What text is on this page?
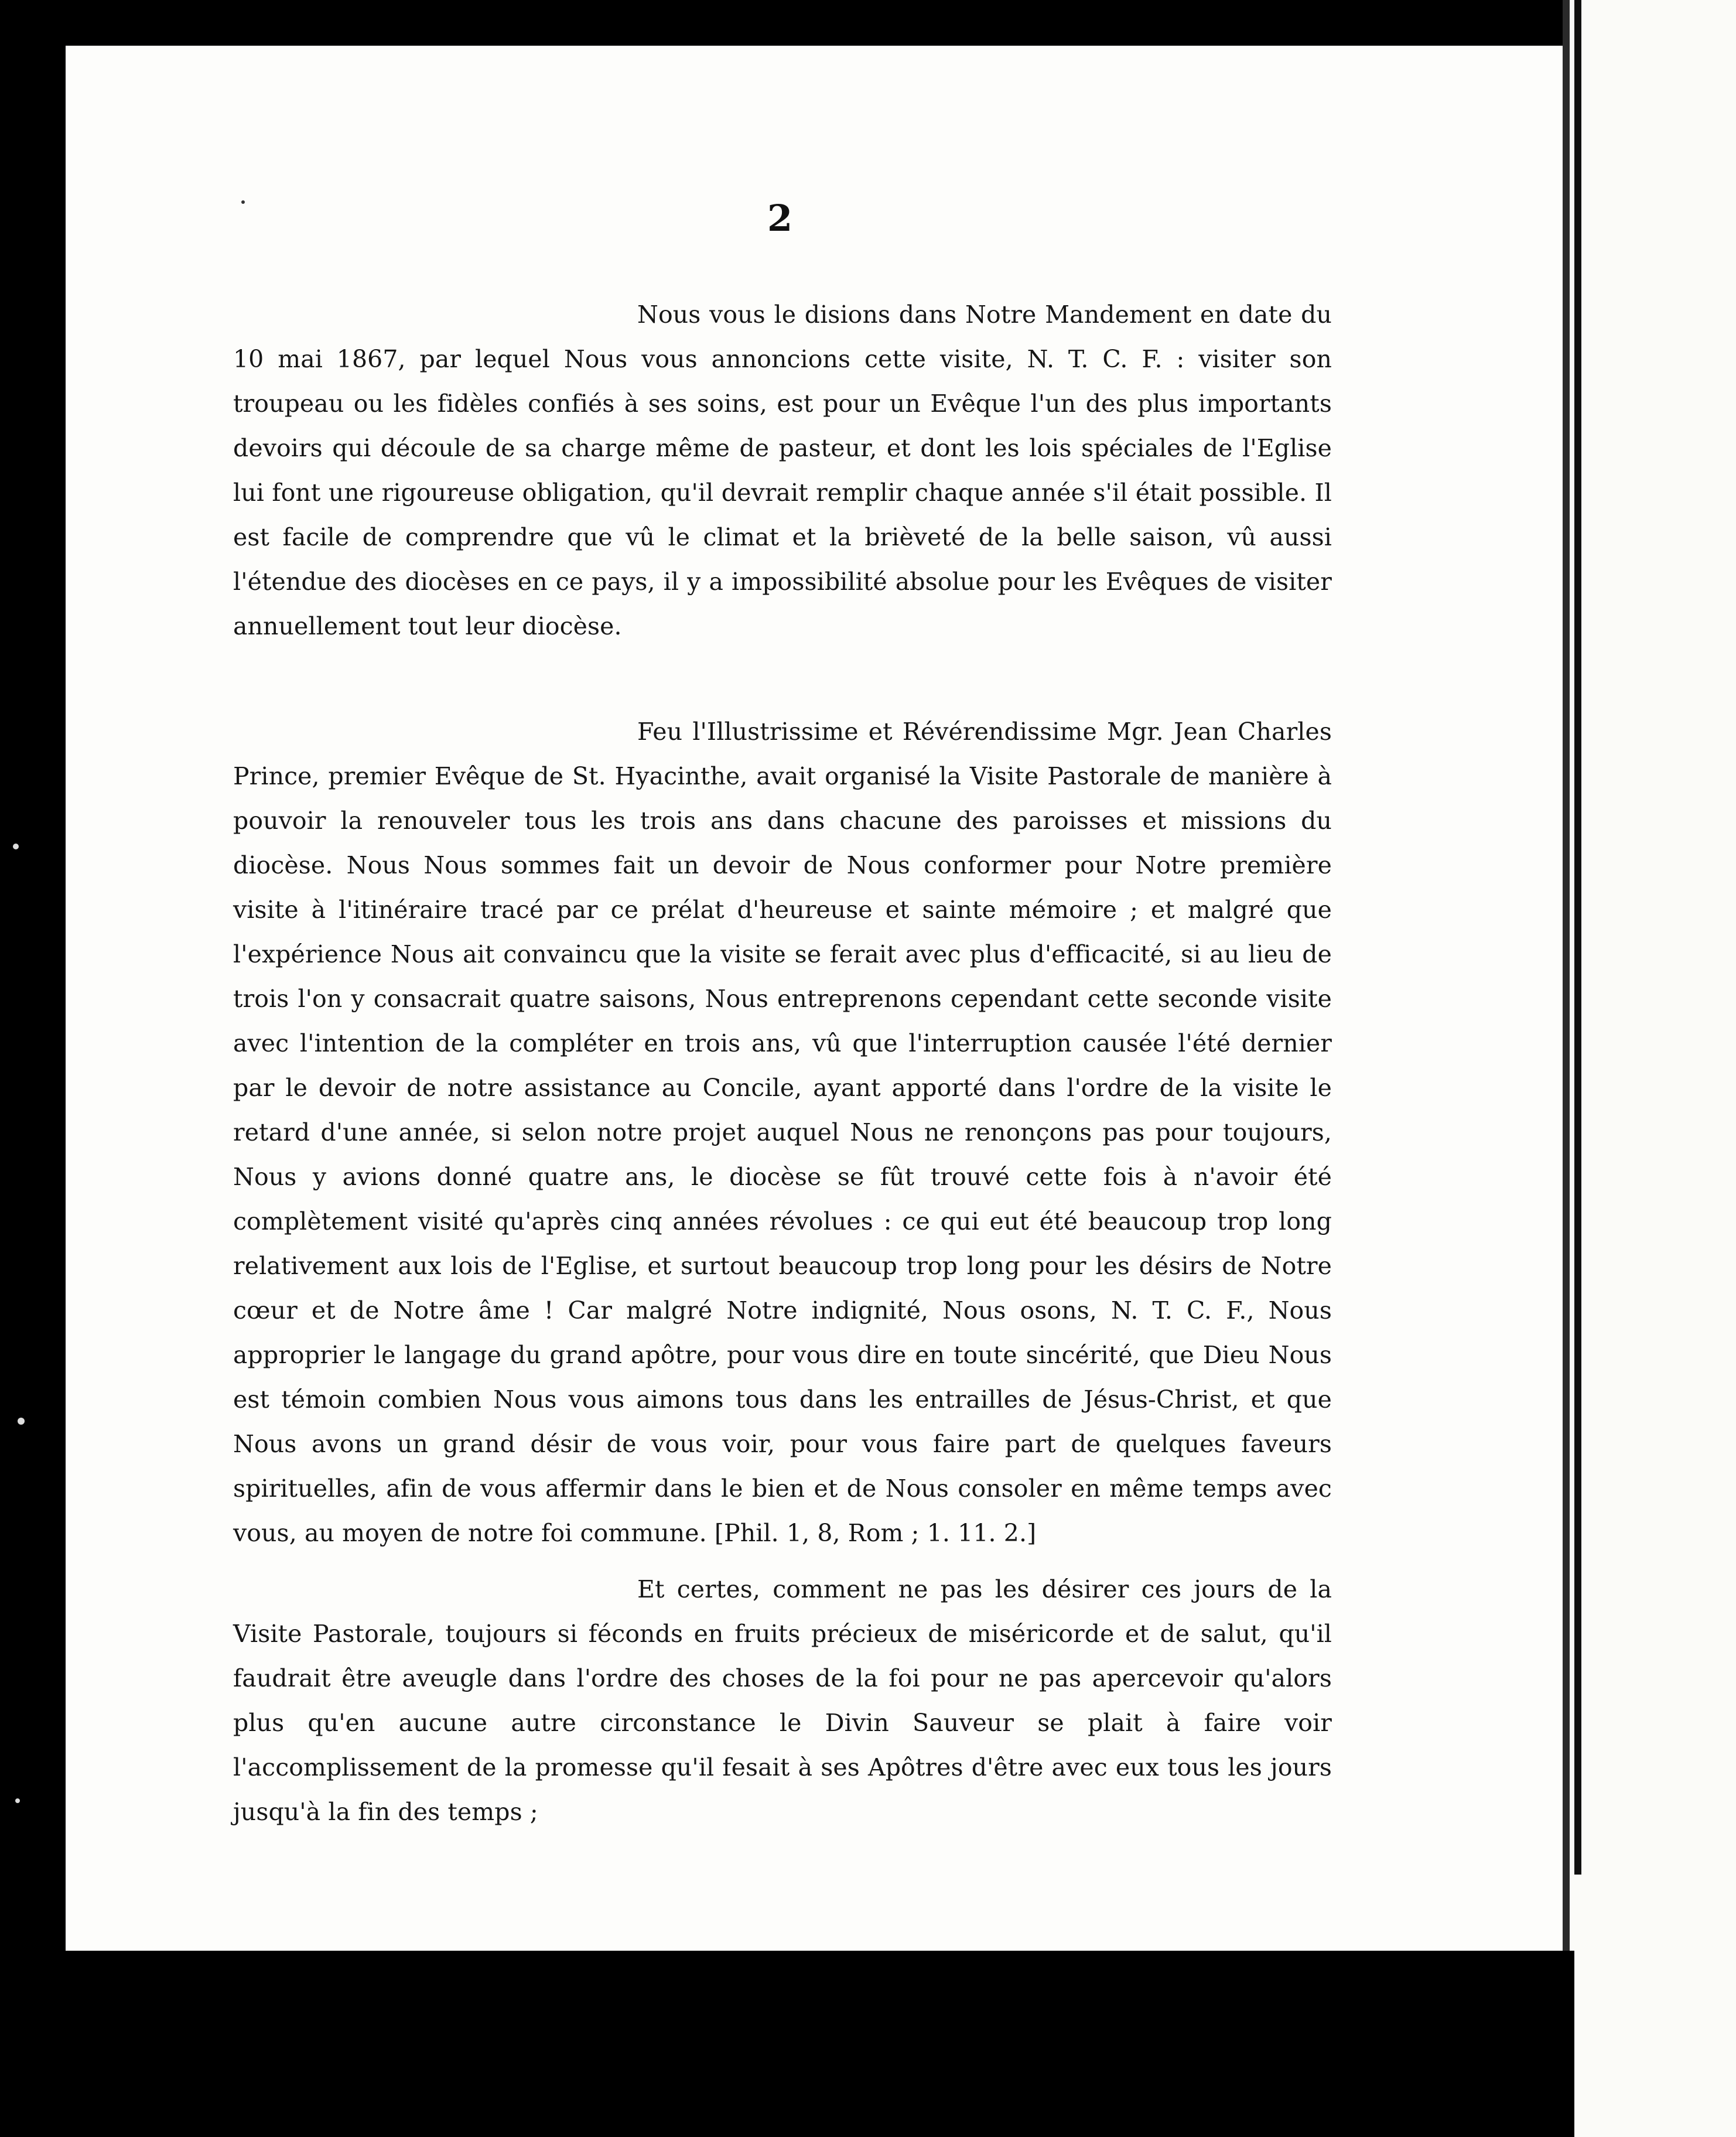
2

Nous vous le disions dans Notre Mandement en date du 10 mai 1867, par lequel Nous vous annoncions cette visite, N. T. C. F. : visiter son troupeau ou les fidèles confiés à ses soins, est pour un Evêque l'un des plus importants devoirs qui découle de sa charge même de pasteur, et dont les lois spéciales de l'Eglise lui font une rigoureuse obligation, qu'il devrait remplir chaque année s'il était possible. Il est facile de comprendre que vû le climat et la brièveté de la belle saison, vû aussi l'étendue des diocèses en ce pays, il y a impossibilité absolue pour les Evêques de visiter annuellement tout leur diocèse.

Feu l'Illustrissime et Révérendissime Mgr. Jean Charles Prince, premier Evêque de St. Hyacinthe, avait organisé la Visite Pastorale de manière à pouvoir la renouveler tous les trois ans dans chacune des paroisses et missions du diocèse. Nous Nous sommes fait un devoir de Nous conformer pour Notre première visite à l'itinéraire tracé par ce prélat d'heureuse et sainte mémoire ; et malgré que l'expérience Nous ait convaincu que la visite se ferait avec plus d'efficacité, si au lieu de trois l'on y consacrait quatre saisons, Nous entreprenons cependant cette seconde visite avec l'intention de la compléter en trois ans, vû que l'interruption causée l'été dernier par le devoir de notre assistance au Concile, ayant apporté dans l'ordre de la visite le retard d'une année, si selon notre projet auquel Nous ne renonçons pas pour toujours, Nous y avions donné quatre ans, le diocèse se fût trouvé cette fois à n'avoir été complètement visité qu'après cinq années révolues : ce qui eut été beaucoup trop long relativement aux lois de l'Eglise, et surtout beaucoup trop long pour les désirs de Notre cœur et de Notre âme ! Car malgré Notre indignité, Nous osons, N. T. C. F., Nous approprier le langage du grand apôtre, pour vous dire en toute sincérité, que Dieu Nous est témoin combien Nous vous aimons tous dans les entrailles de Jésus-Christ, et que Nous avons un grand désir de vous voir, pour vous faire part de quelques faveurs spirituelles, afin de vous affermir dans le bien et de Nous consoler en même temps avec vous, au moyen de notre foi commune. [Phil. 1, 8, Rom ; 1. 11. 2.]

Et certes, comment ne pas les désirer ces jours de la Visite Pastorale, toujours si féconds en fruits précieux de miséricorde et de salut, qu'il faudrait être aveugle dans l'ordre des choses de la foi pour ne pas apercevoir qu'alors plus qu'en aucune autre circonstance le Divin Sauveur se plait à faire voir l'accomplissement de la promesse qu'il fesait à ses Apôtres d'être avec eux tous les jours jusqu'à la fin des temps ;
